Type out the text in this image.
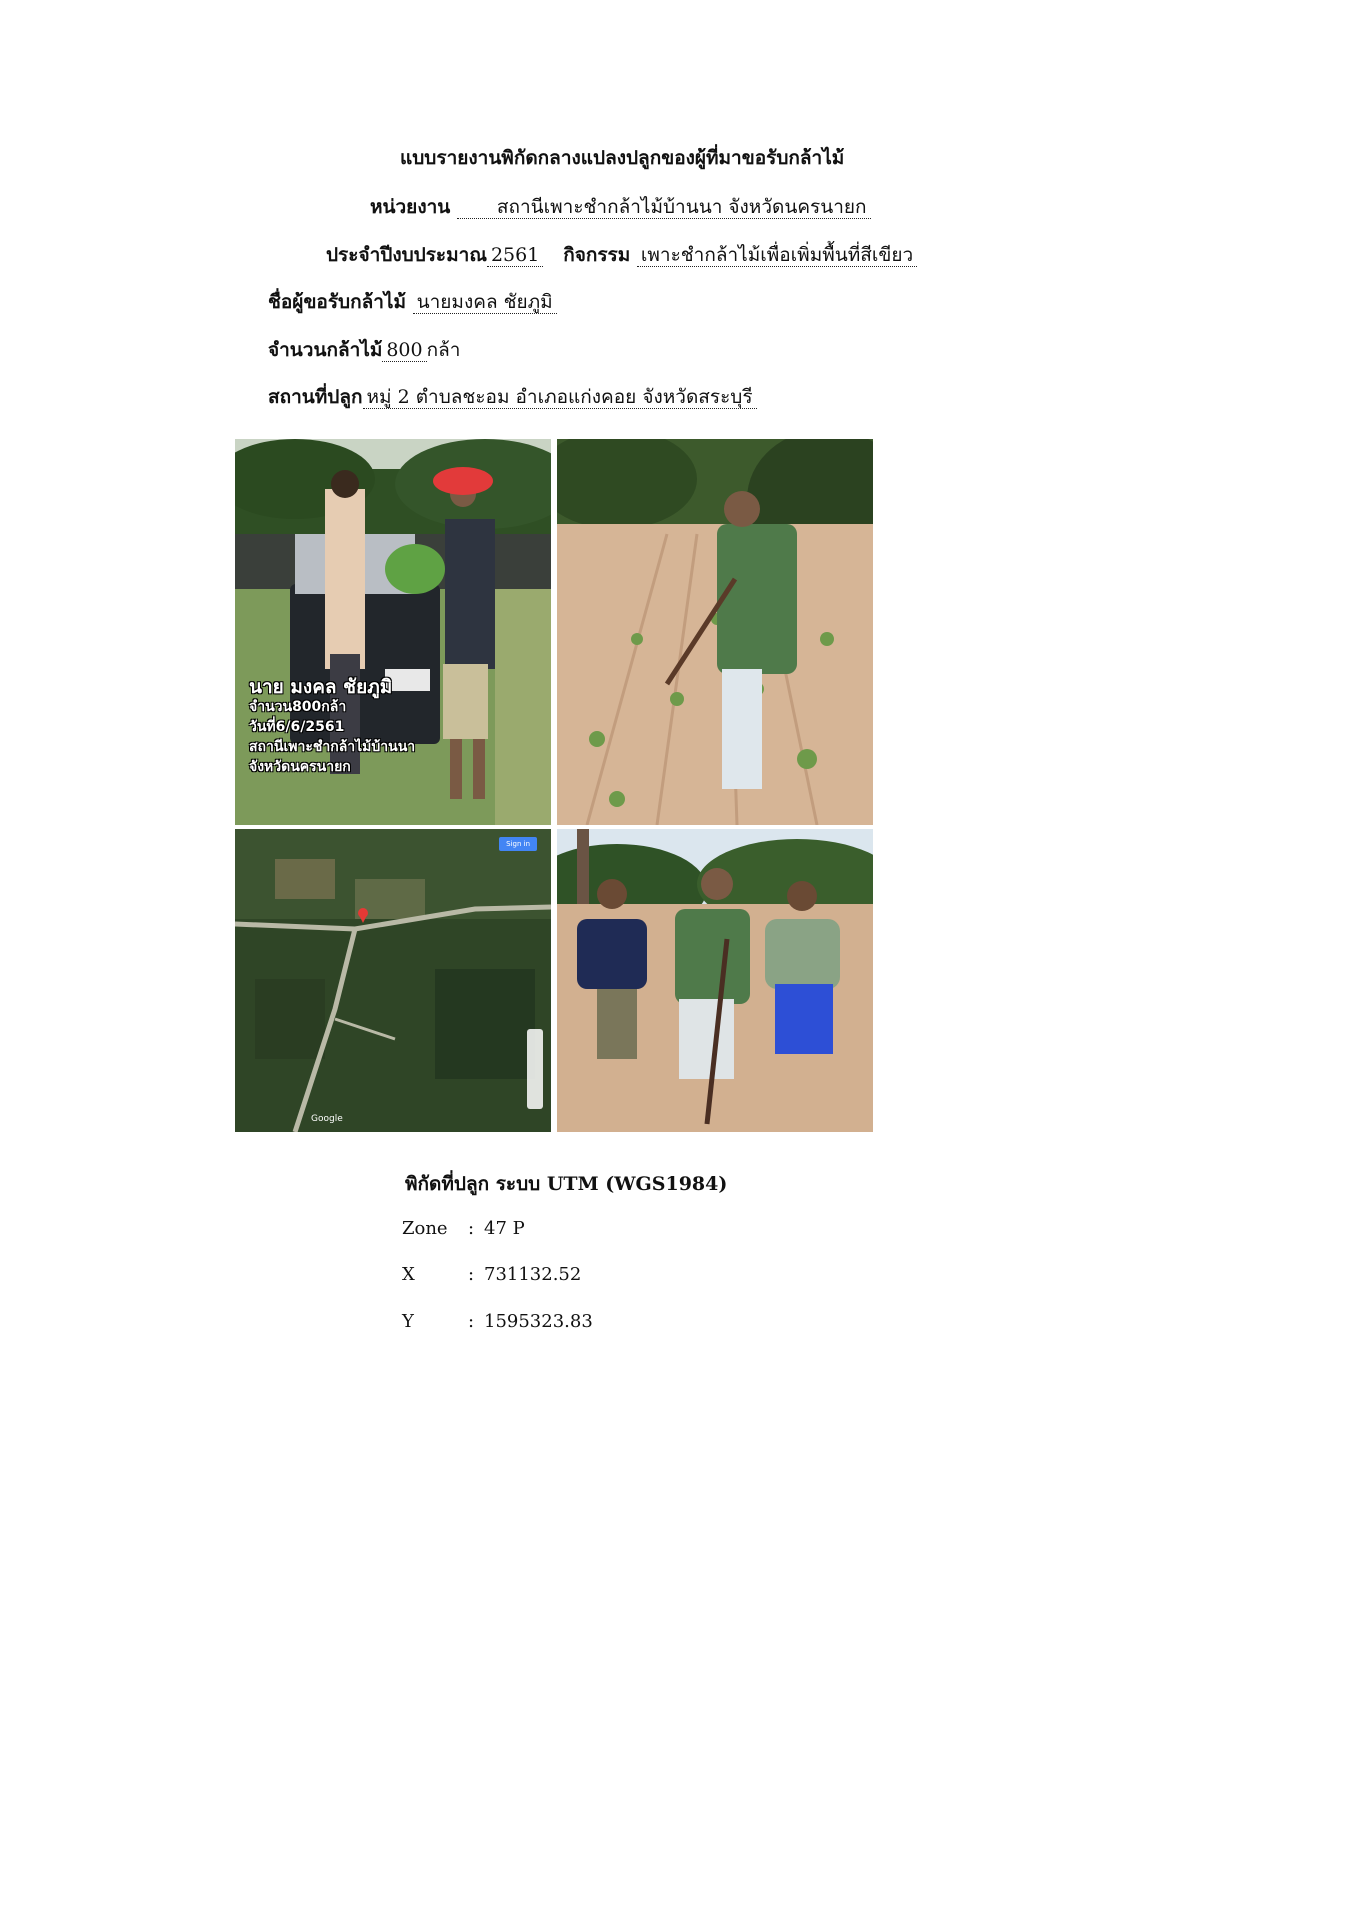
แบบรายงานพิกัดกลางแปลงปลูกของผู้ที่มาขอรับกล้าไม้
หน่วยงาน สถานีเพาะชำกล้าไม้บ้านนา จังหวัดนครนายก
ประจำปีงบประมาณ 2561 กิจกรรม เพาะชำกล้าไม้เพื่อเพิ่มพื้นที่สีเขียว
ชื่อผู้ขอรับกล้าไม้ นายมงคล ชัยภูมิ
จำนวนกล้าไม้ 800 กล้า
สถานที่ปลูก หมู่ 2 ตำบลชะอม อำเภอแก่งคอย จังหวัดสระบุรี
นาย มงคล ชัยภูมิ
จำนวน800กล้า
วันที่6/6/2561
สถานีเพาะชำกล้าไม้บ้านนา
จังหวัดนครนายก
Sign in
Google
พิกัดที่ปลูก ระบบ UTM (WGS1984)
Zone : 47 P
X	: 731132.52
Y	: 1595323.83
